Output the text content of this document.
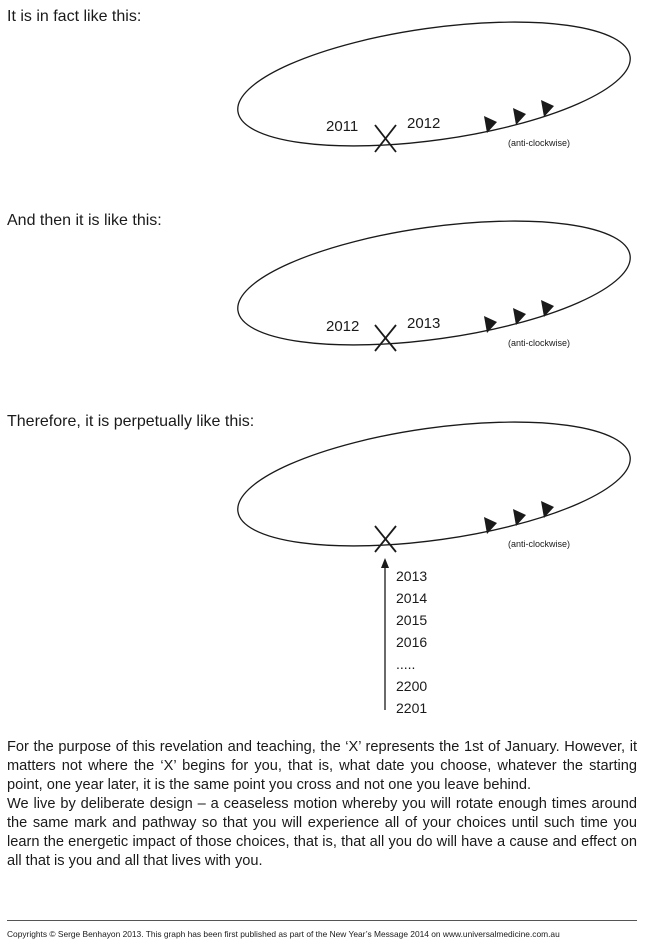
It is in fact like this:
And then it is like this:
Therefore, it is perpetually like this:
2011	2012
(anti-clockwise)
2012	2013
(anti-clockwise)
(anti-clockwise)
2013
2014
2015
2016
.....
2200
2201

For the purpose of this revelation and teaching, the ‘X’ represents the 1st of January. However, it matters not where the ‘X’ begins for you, that is, what date you choose, whatever the starting point, one year later, it is the same point you cross and not one you leave behind.

We live by deliberate design – a ceaseless motion whereby you will rotate enough times around the same mark and pathway so that you will experience all of your choices until such time you learn the energetic impact of those choices, that is, that all you do will have a cause and effect on all that is you and all that lives with you.

Copyrights © Serge Benhayon 2013. This graph has been first published as part of the New Year’s Message 2014 on www.universalmedicine.com.au
